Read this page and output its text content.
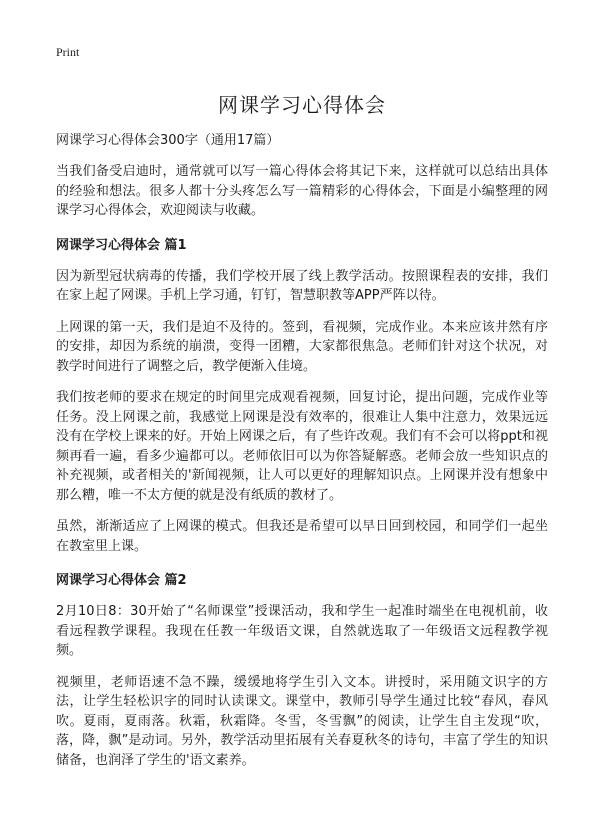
Print
网课学习心得体会
网课学习心得体会300字（通用17篇）

当我们备受启迪时，通常就可以写一篇心得体会将其记下来，这样就可以总结出具体的经验和想法。很多人都十分头疼怎么写一篇精彩的心得体会，下面是小编整理的网课学习心得体会，欢迎阅读与收藏。

网课学习心得体会 篇1

因为新型冠状病毒的传播，我们学校开展了线上教学活动。按照课程表的安排，我们在家上起了网课。手机上学习通，钉钉，智慧职教等APP严阵以待。

上网课的第一天，我们是迫不及待的。签到，看视频，完成作业。本来应该井然有序的安排，却因为系统的崩溃，变得一团糟，大家都很焦急。老师们针对这个状况，对教学时间进行了调整之后，教学便渐入佳境。

我们按老师的要求在规定的时间里完成观看视频，回复讨论，提出问题，完成作业等任务。没上网课之前，我感觉上网课是没有效率的，很难让人集中注意力，效果远远没有在学校上课来的好。开始上网课之后，有了些许改观。我们有不会可以将ppt和视频再看一遍，看多少遍都可以。老师依旧可以为你答疑解惑。老师会放一些知识点的补充视频，或者相关的'新闻视频，让人可以更好的理解知识点。上网课并没有想象中那么糟，唯一不太方便的就是没有纸质的教材了。

虽然，渐渐适应了上网课的模式。但我还是希望可以早日回到校园，和同学们一起坐在教室里上课。

网课学习心得体会 篇2

2月10日8：30开始了“名师课堂”授课活动，我和学生一起准时端坐在电视机前，收看远程教学课程。我现在任教一年级语文课，自然就选取了一年级语文远程教学视频。

视频里，老师语速不急不躁，缓缓地将学生引入文本。讲授时，采用随文识字的方法，让学生轻松识字的同时认读课文。课堂中，教师引导学生通过比较“春风，春风吹。夏雨，夏雨落。秋霜，秋霜降。冬雪，冬雪飘”的阅读，让学生自主发现“吹，落，降，飘”是动词。另外，教学活动里拓展有关春夏秋冬的诗句，丰富了学生的知识储备，也润泽了学生的'语文素养。
